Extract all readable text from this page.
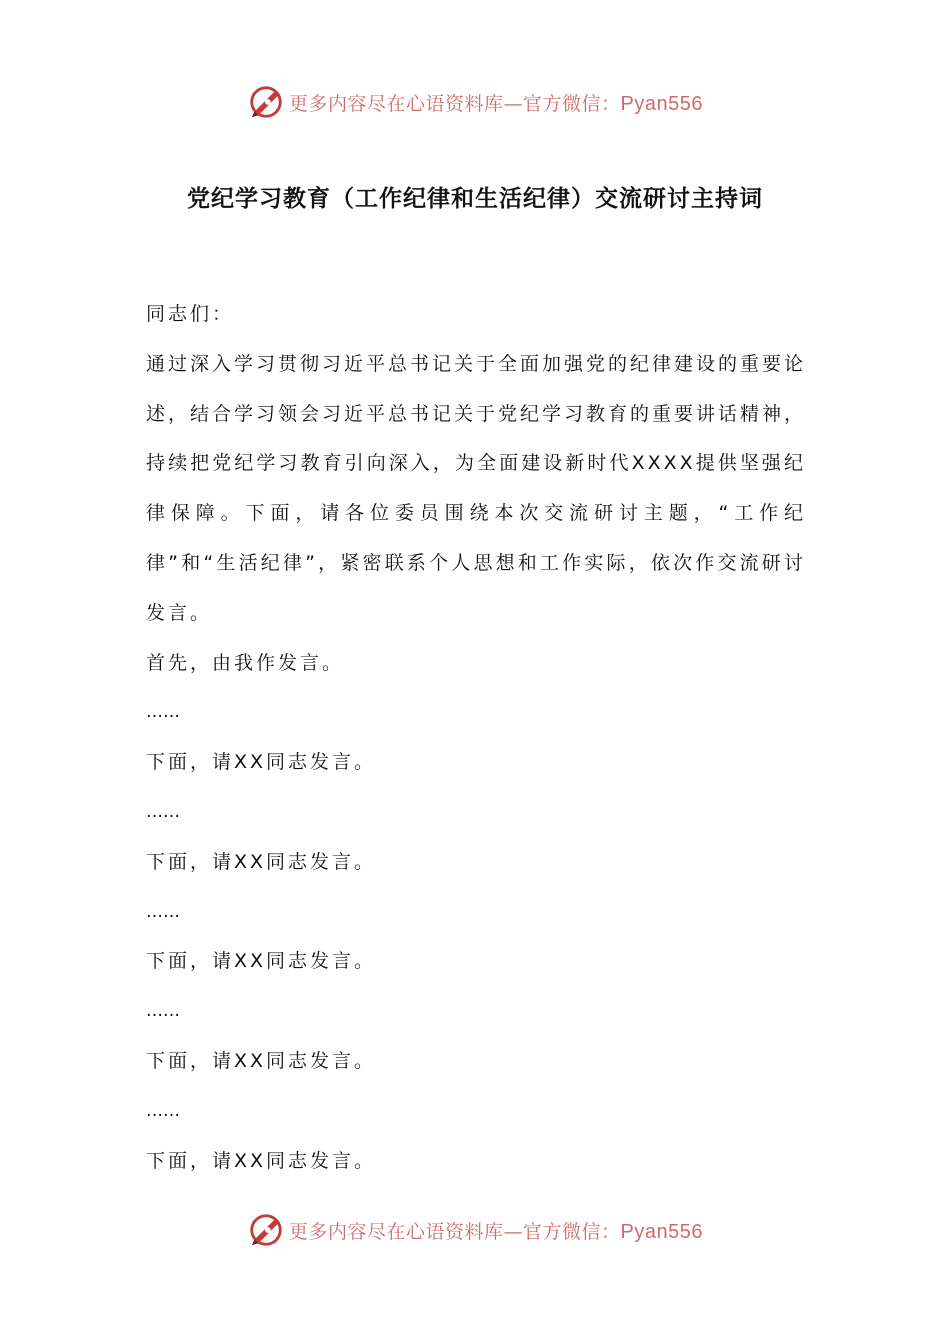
更多内容尽在心语资料库—官方微信：Pyan556
党纪学习教育（工作纪律和生活纪律）交流研讨主持词

同志们：

通过深入学习贯彻习近平总书记关于全面加强党的纪律建设的重要论述，结合学习领会习近平总书记关于党纪学习教育的重要讲话精神，持续把党纪学习教育引向深入，为全面建设新时代XXXX提供坚强纪律保障。下面，请各位委员围绕本次交流研讨主题，“工作纪律”和“生活纪律”，紧密联系个人思想和工作实际，依次作交流研讨发言。

首先，由我作发言。

……

下面，请XX同志发言。

……

下面，请XX同志发言。

……

下面，请XX同志发言。

……

下面，请XX同志发言。

……

下面，请XX同志发言。

更多内容尽在心语资料库—官方微信：Pyan556
